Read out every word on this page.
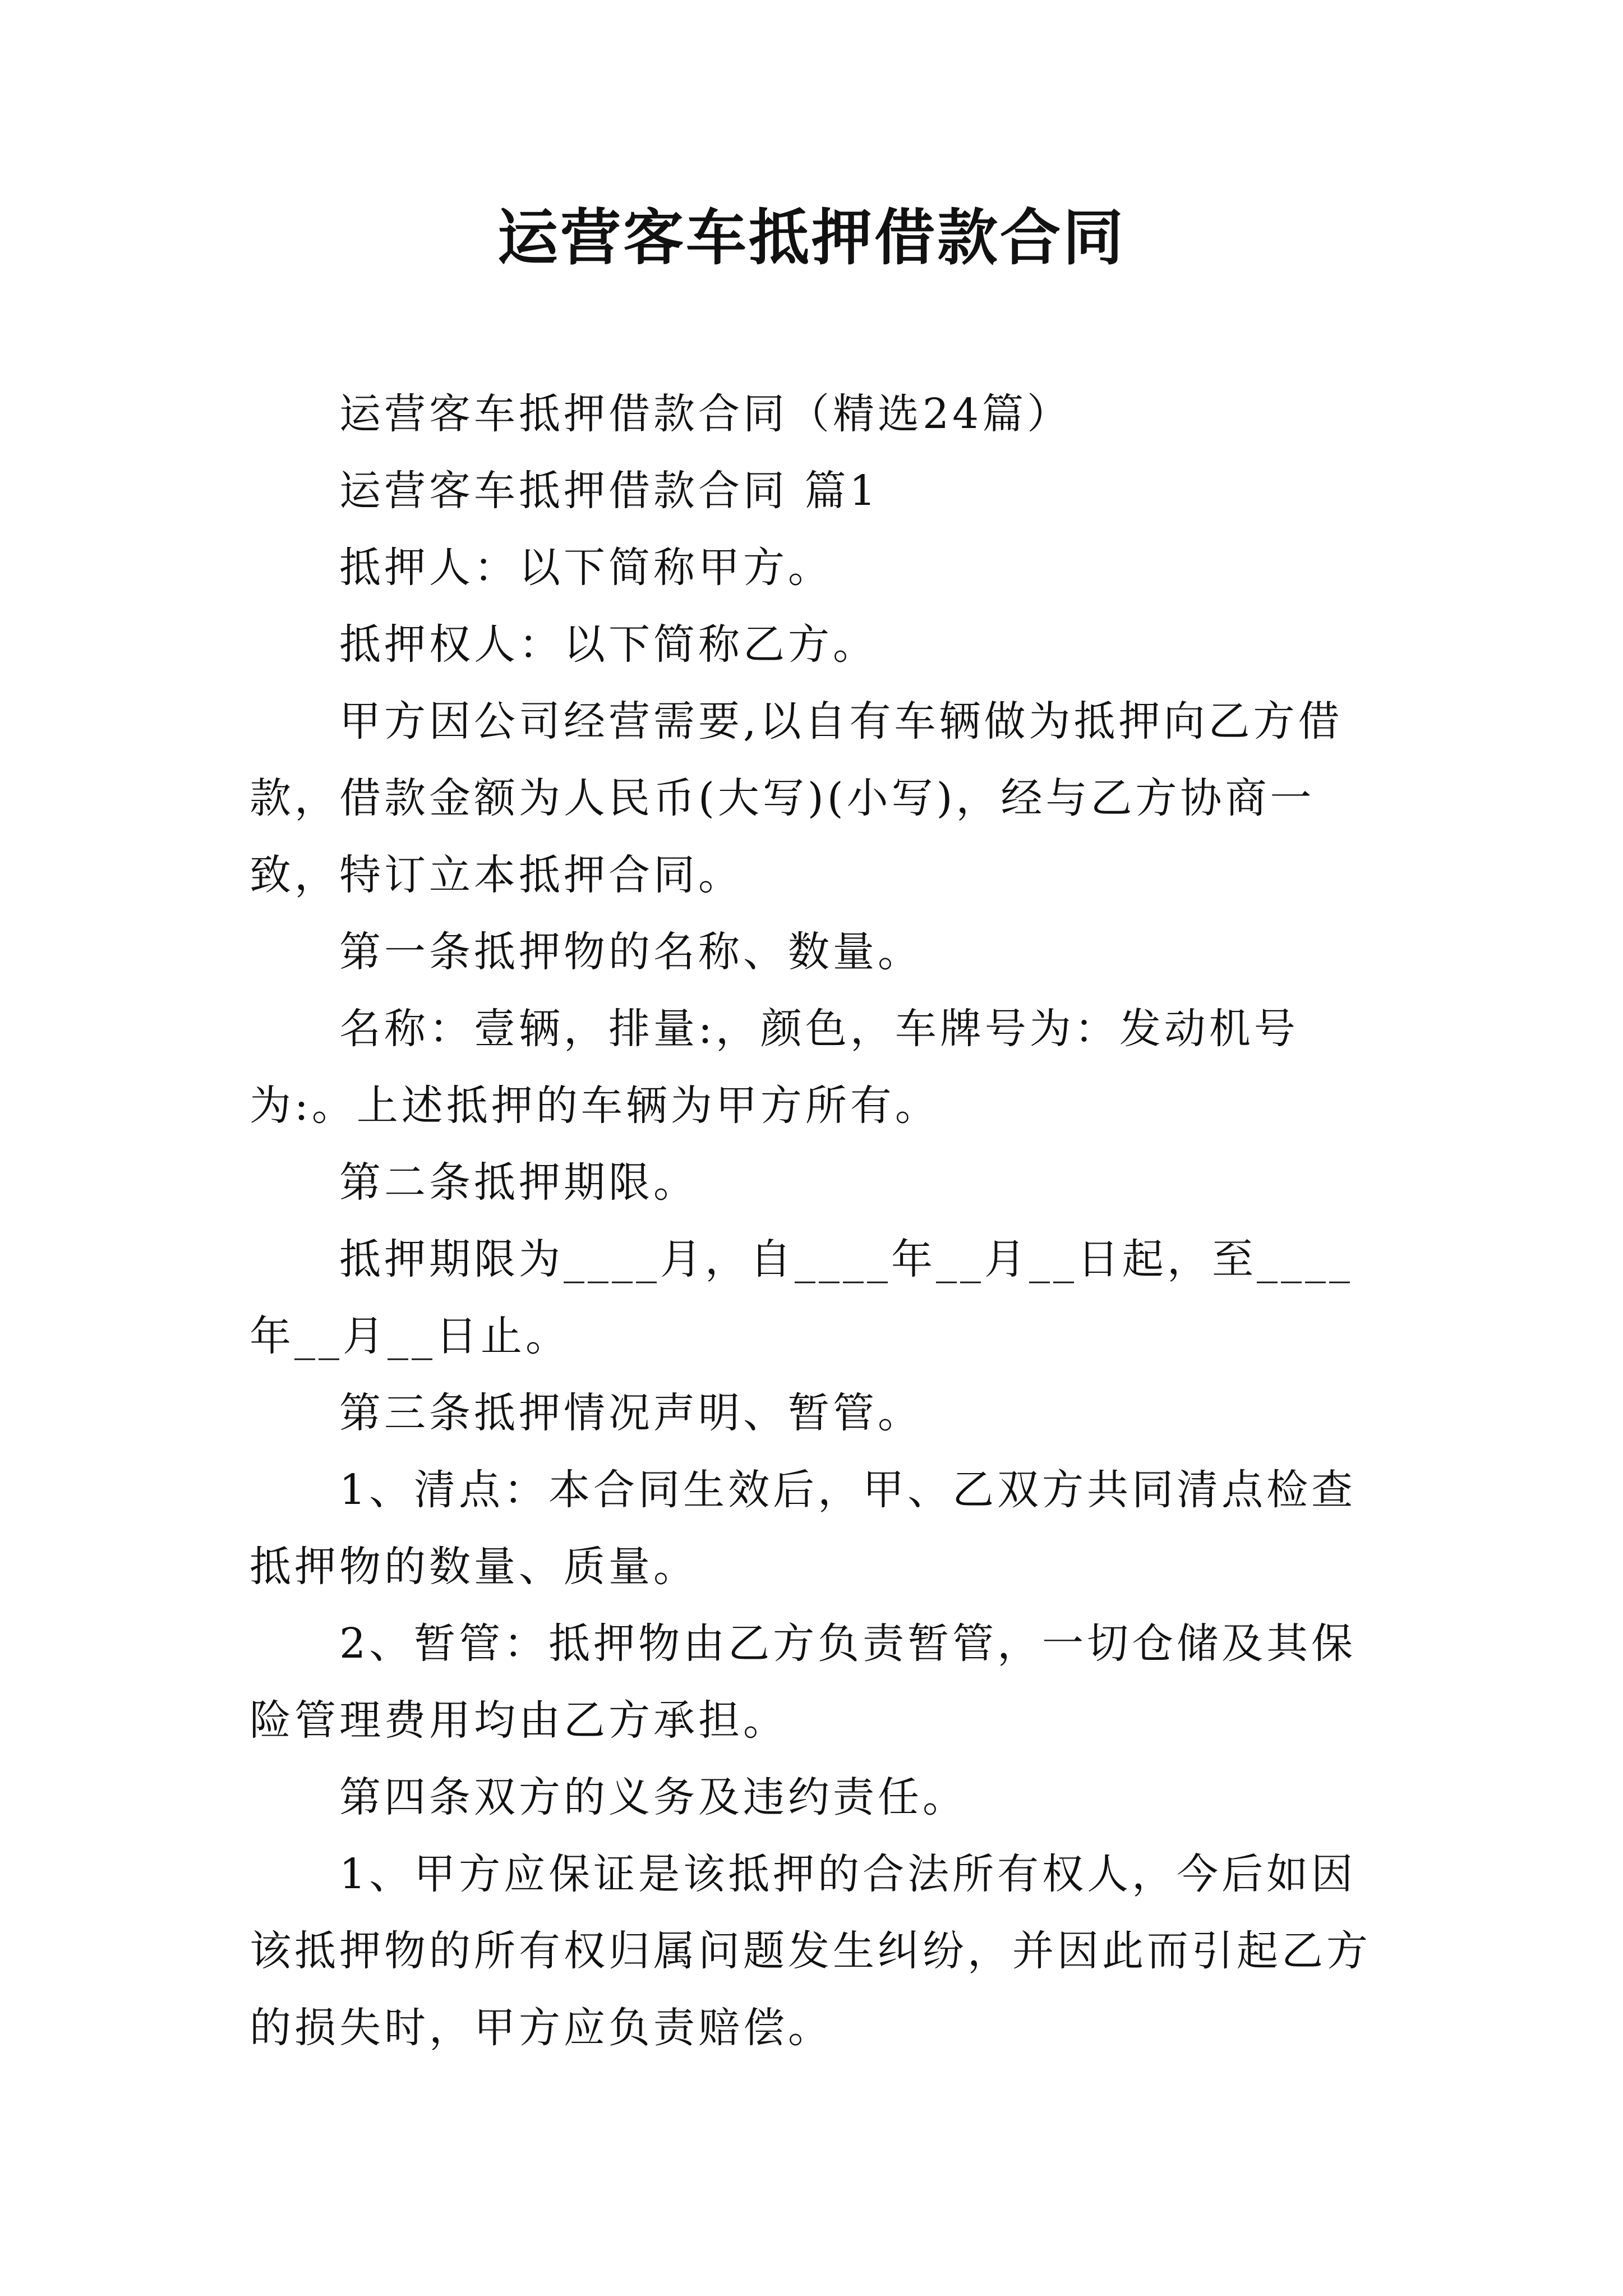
运营客车抵押借款合同

运营客车抵押借款合同（精选24篇）

运营客车抵押借款合同 篇1

抵押人：以下简称甲方。

抵押权人：以下简称乙方。

甲方因公司经营需要,以自有车辆做为抵押向乙方借款，借款金额为人民币(大写)(小写)，经与乙方协商一致，特订立本抵押合同。

第一条抵押物的名称、数量。

名称：壹辆，排量:，颜色，车牌号为：发动机号为:。上述抵押的车辆为甲方所有。

第二条抵押期限。

抵押期限为____月，自____年__月__日起，至____年__月__日止。

第三条抵押情况声明、暂管。

1、清点：本合同生效后，甲、乙双方共同清点检查抵押物的数量、质量。

2、暂管：抵押物由乙方负责暂管，一切仓储及其保险管理费用均由乙方承担。

第四条双方的义务及违约责任。

1、甲方应保证是该抵押的合法所有权人，今后如因该抵押物的所有权归属问题发生纠纷，并因此而引起乙方的损失时，甲方应负责赔偿。
